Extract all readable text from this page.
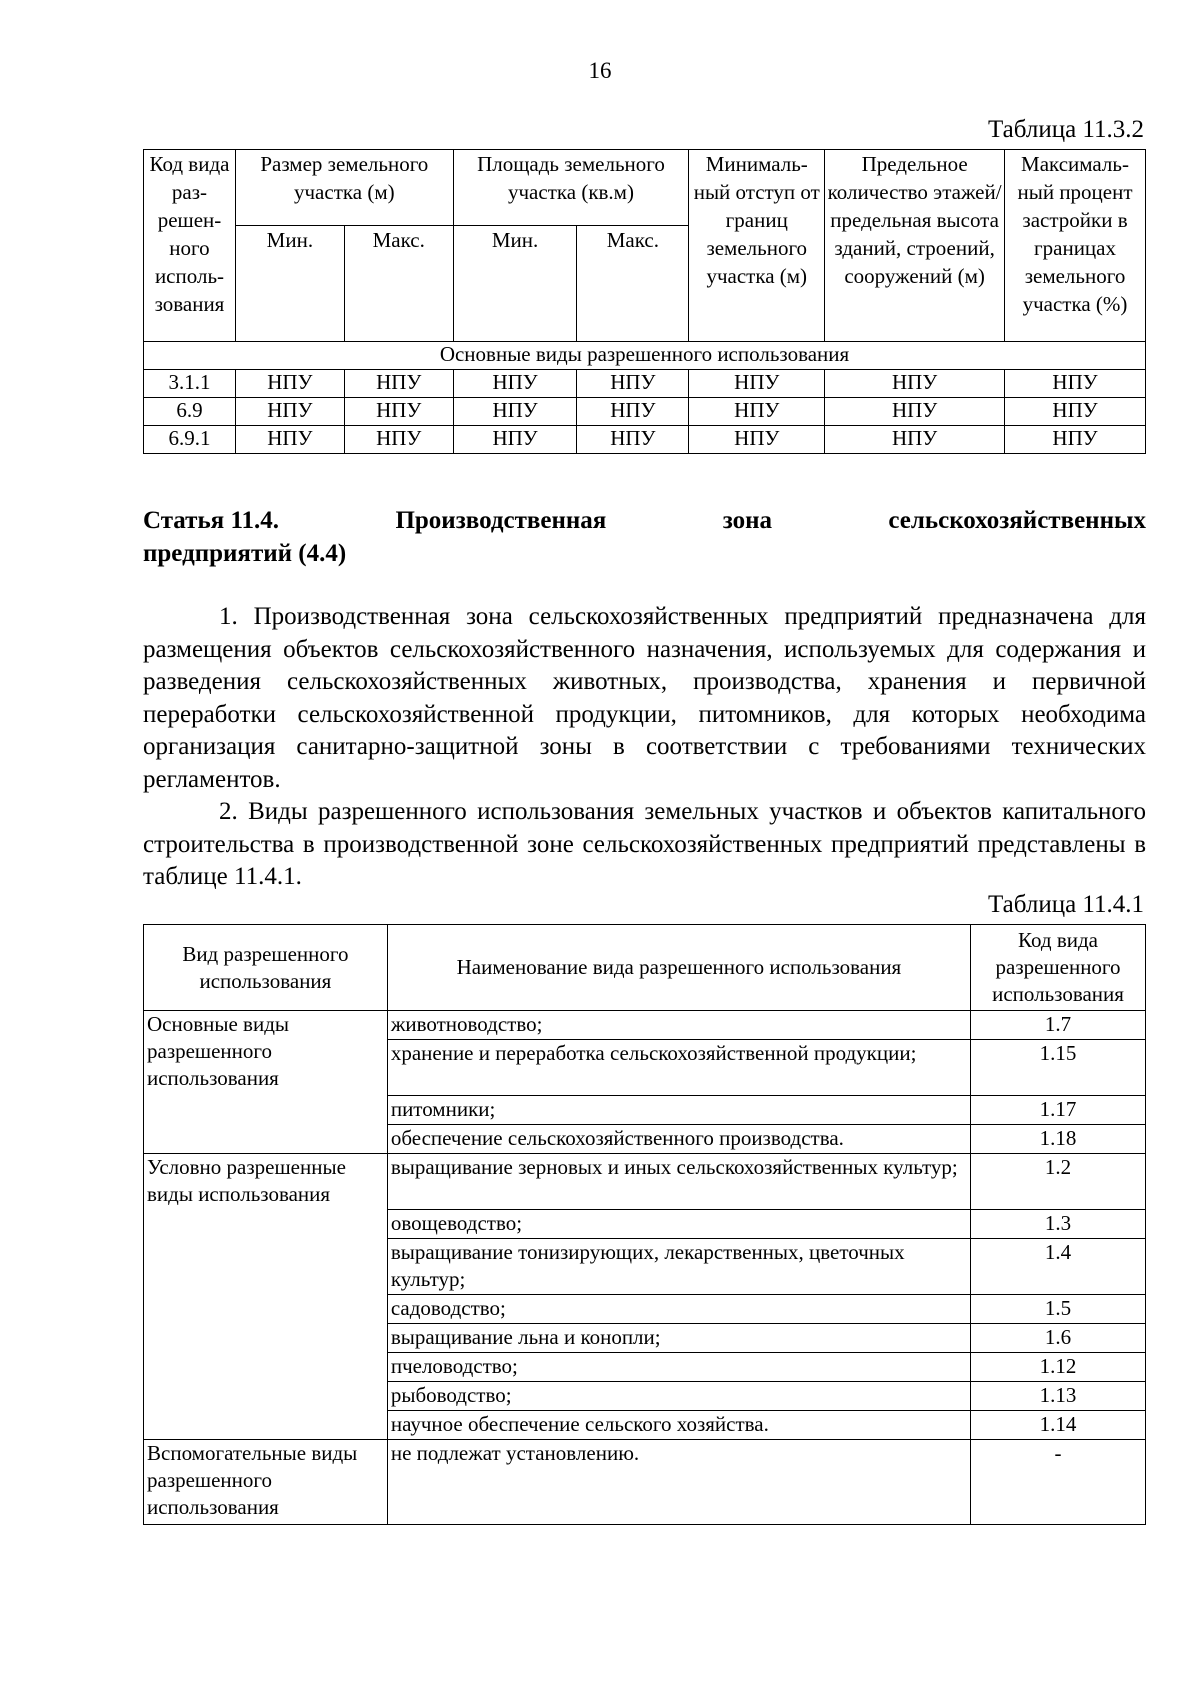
16
Таблица 11.3.2
Код вида раз-решен-ного исполь-зования	Размер земельного участка (м)		Площадь земельного участка (кв.м)		Минималь-ный отступ от границ земельного участка (м)	Предельное количество этажей/ предельная высота зданий, строений, сооружений (м)	Максималь-ный процент застройки в границах земельного участка (%)
	Мин.	Макс.	Мин.	Макс.			
Основные виды разрешенного использования							
3.1.1	НПУ	НПУ	НПУ	НПУ	НПУ	НПУ	НПУ
6.9	НПУ	НПУ	НПУ	НПУ	НПУ	НПУ	НПУ
6.9.1	НПУ	НПУ	НПУ	НПУ	НПУ	НПУ	НПУ
Статья 11.4.	Производственная	зона	сельскохозяйственных
предприятий (4.4)

1. Производственная зона сельскохозяйственных предприятий предназначена для размещения объектов сельскохозяйственного назначения, используемых для содержания и разведения сельскохозяйственных животных, производства, хранения и первичной переработки сельскохозяйственной продукции, питомников, для которых необходима организация санитарно-защитной зоны в соответствии с требованиями технических регламентов.

2. Виды разрешенного использования земельных участков и объектов капитального строительства в производственной зоне сельскохозяйственных предприятий представлены в таблице 11.4.1.

Таблица 11.4.1
Вид разрешенного использования	Наименование вида разрешенного использования	Код вида разрешенного использования
Основные виды разрешенного использования	животноводство;	1.7
	хранение и переработка сельскохозяйственной продукции;	1.15
	питомники;	1.17
	обеспечение сельскохозяйственного производства.	1.18
Условно разрешенные виды использования	выращивание зерновых и иных сельскохозяйственных культур;	1.2
	овощеводство;	1.3
	выращивание тонизирующих, лекарственных, цветочных культур;	1.4
	садоводство;	1.5
	выращивание льна и конопли;	1.6
	пчеловодство;	1.12
	рыбоводство;	1.13
	научное обеспечение сельского хозяйства.	1.14
Вспомогательные виды разрешенного использования	не подлежат установлению.	-
